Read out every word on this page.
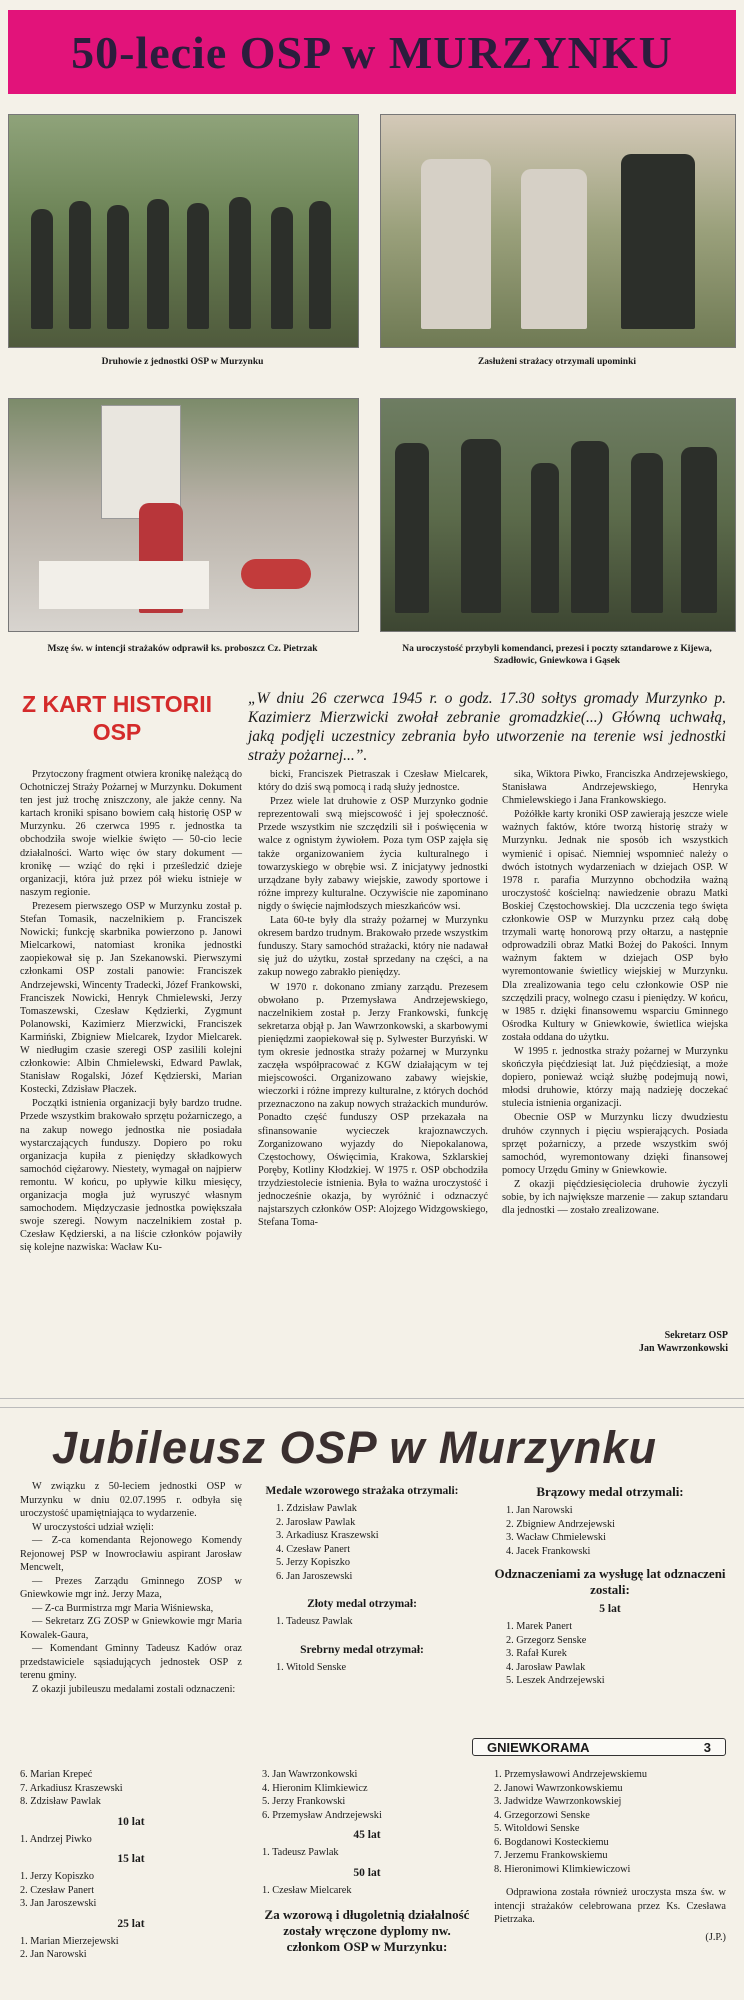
50-lecie OSP w MURZYNKU
Druhowie z jednostki OSP w Murzynku	Zasłużeni strażacy otrzymali upominki
Mszę św. w intencji strażaków odprawił ks. proboszcz Cz. Pietrzak	Na uroczystość przybyli komendanci, prezesi i poczty sztandarowe z Kijewa, Szadłowic, Gniewkowa i Gąsek
Z KART HISTORII OSP
„W dniu 26 czerwca 1945 r. o godz. 17.30 sołtys gromady Murzynko p. Kazimierz Mierzwicki zwołał zebranie gromadzkie(...) Główną uchwałą, jaką podjęli uczestnicy zebrania było utworzenie na terenie wsi jednostki straży pożarnej...”.

Przytoczony fragment otwiera kronikę należącą do Ochotniczej Straży Pożarnej w Murzynku. Dokument ten jest już trochę zniszczony, ale jakże cenny. Na kartach kroniki spisano bowiem całą historię OSP w Murzynku. 26 czerwca 1995 r. jednostka ta obchodziła swoje wielkie święto — 50-cio lecie działalności. Warto więc ów stary dokument — kronikę — wziąć do ręki i prześledzić dzieje organizacji, która już przez pół wieku istnieje w naszym regionie.

Prezesem pierwszego OSP w Murzynku został p. Stefan Tomasik, naczelnikiem p. Franciszek Nowicki; funkcję skarbnika powierzono p. Janowi Mielcarkowi, natomiast kronika jednostki zaopiekował się p. Jan Szekanowski. Pierwszymi członkami OSP zostali panowie: Franciszek Andrzejewski, Wincenty Tradecki, Józef Frankowski, Franciszek Nowicki, Henryk Chmielewski, Jerzy Tomaszewski, Czesław Kędzierki, Zygmunt Polanowski, Kazimierz Mierzwicki, Franciszek Karmiński, Zbigniew Mielcarek, Izydor Mielcarek. W niedługim czasie szeregi OSP zasilili kolejni członkowie: Albin Chmielewski, Edward Pawlak, Stanisław Rogalski, Józef Kędzierski, Marian Kostecki, Zdzisław Płaczek.

Początki istnienia organizacji były bardzo trudne. Przede wszystkim brakowało sprzętu pożarniczego, a na zakup nowego jednostka nie posiadała wystarczających funduszy. Dopiero po roku organizacja kupiła z pieniędzy składkowych samochód ciężarowy. Niestety, wymagał on najpierw remontu. W końcu, po upływie kilku miesięcy, organizacja mogła już wyruszyć własnym samochodem. Międzyczasie jednostka powiększała swoje szeregi. Nowym naczelnikiem został p. Czesław Kędzierski, a na liście członków pojawiły się kolejne nazwiska: Wacław Ku-

bicki, Franciszek Pietraszak i Czesław Mielcarek, który do dziś swą pomocą i radą służy jednostce.

Przez wiele lat druhowie z OSP Murzynko godnie reprezentowali swą miejscowość i jej społeczność. Przede wszystkim nie szczędzili sił i poświęcenia w walce z ognistym żywiołem. Poza tym OSP zajęła się także organizowaniem życia kulturalnego i towarzyskiego w obrębie wsi. Z inicjatywy jednostki urządzane były zabawy wiejskie, zawody sportowe i różne imprezy kulturalne. Oczywiście nie zapominano nigdy o święcie najmłodszych mieszkańców wsi.

Lata 60-te były dla straży pożarnej w Murzynku okresem bardzo trudnym. Brakowało przede wszystkim funduszy. Stary samochód strażacki, który nie nadawał się już do użytku, został sprzedany na części, a na zakup nowego zabrakło pieniędzy.

W 1970 r. dokonano zmiany zarządu. Prezesem obwołano p. Przemysława Andrzejewskiego, naczelnikiem został p. Jerzy Frankowski, funkcję sekretarza objął p. Jan Wawrzonkowski, a skarbowymi pieniędzmi zaopiekował się p. Sylwester Burzyński. W tym okresie jednostka straży pożarnej w Murzynku zaczęła współpracować z KGW działającym w tej miejscowości. Organizowano zabawy wiejskie, wieczorki i różne imprezy kulturalne, z których dochód przeznaczono na zakup nowych strażackich mundurów. Ponadto część funduszy OSP przekazała na sfinansowanie wycieczek krajoznawczych. Zorganizowano wyjazdy do Niepokalanowa, Częstochowy, Oświęcimia, Krakowa, Szklarskiej Poręby, Kotliny Kłodzkiej. W 1975 r. OSP obchodziła trzydziestolecie istnienia. Była to ważna uroczystość i jednocześnie okazja, by wyróżnić i odznaczyć najstarszych członków OSP: Alojzego Widzgowskiego, Stefana Toma-

sika, Wiktora Piwko, Franciszka Andrzejewskiego, Stanisława Andrzejewskiego, Henryka Chmielewskiego i Jana Frankowskiego.

Pożółkłe karty kroniki OSP zawierają jeszcze wiele ważnych faktów, które tworzą historię straży w Murzynku. Jednak nie sposób ich wszystkich wymienić i opisać. Niemniej wspomnieć należy o dwóch istotnych wydarzeniach w dziejach OSP. W 1978 r. parafia Murzynno obchodziła ważną uroczystość kościelną: nawiedzenie obrazu Matki Boskiej Częstochowskiej. Dla uczczenia tego święta członkowie OSP w Murzynku przez całą dobę trzymali wartę honorową przy ołtarzu, a następnie odprowadzili obraz Matki Bożej do Pakości. Innym ważnym faktem w dziejach OSP było wyremontowanie świetlicy wiejskiej w Murzynku. Dla zrealizowania tego celu członkowie OSP nie szczędzili pracy, wolnego czasu i pieniędzy. W końcu, w 1985 r. dzięki finansowemu wsparciu Gminnego Ośrodka Kultury w Gniewkowie, świetlica wiejska została oddana do użytku.

W 1995 r. jednostka straży pożarnej w Murzynku skończyła pięćdziesiąt lat. Już pięćdziesiąt, a może dopiero, ponieważ wciąż służbę podejmują nowi, młodsi druhowie, którzy mają nadzieję doczekać stulecia istnienia organizacji.

Obecnie OSP w Murzynku liczy dwudziestu druhów czynnych i pięciu wspierających. Posiada sprzęt pożarniczy, a przede wszystkim swój samochód, wyremontowany dzięki finansowej pomocy Urzędu Gminy w Gniewkowie.

Z okazji pięćdziesięciolecia druhowie życzyli sobie, by ich największe marzenie — zakup sztandaru dla jednostki — zostało zrealizowane.

Sekretarz OSP
Jan Wawrzonkowski
Jubileusz OSP w Murzynku

W związku z 50-leciem jednostki OSP w Murzynku w dniu 02.07.1995 r. odbyła się uroczystość upamiętniająca to wydarzenie.

W uroczystości udział wzięli:

— Z-ca komendanta Rejonowego Komendy Rejonowej PSP w Inowrocławiu aspirant Jarosław Mencwelt,

— Prezes Zarządu Gminnego ZOSP w Gniewkowie mgr inż. Jerzy Maza,

— Z-ca Burmistrza mgr Maria Wiśniewska,

— Sekretarz ZG ZOSP w Gniewkowie mgr Maria Kowalek-Gaura,

— Komendant Gminny Tadeusz Kadów oraz przedstawiciele sąsiadujących jednostek OSP z terenu gminy.

Z okazji jubileuszu medalami zostali odznaczeni:

Medale wzorowego strażaka otrzymali:
1. Zdzisław Pawlak
2. Jarosław Pawlak
3. Arkadiusz Kraszewski
4. Czesław Panert
5. Jerzy Kopiszko
6. Jan Jaroszewski
Złoty medal otrzymał:
1. Tadeusz Pawlak
Srebrny medal otrzymał:
1. Witold Senske
Brązowy medal otrzymali:
1. Jan Narowski
2. Zbigniew Andrzejewski
3. Wacław Chmielewski
4. Jacek Frankowski
Odznaczeniami za wysługę lat odznaczeni zostali:
5 lat
1. Marek Panert
2. Grzegorz Senske
3. Rafał Kurek
4. Jarosław Pawlak
5. Leszek Andrzejewski
GNIEWKORAMA	3
6. Marian Krepeć
7. Arkadiusz Kraszewski
8. Zdzisław Pawlak
10 lat
1. Andrzej Piwko
15 lat
1. Jerzy Kopiszko
2. Czesław Panert
3. Jan Jaroszewski
25 lat
1. Marian Mierzejewski
2. Jan Narowski
3. Jan Wawrzonkowski
4. Hieronim Klimkiewicz
5. Jerzy Frankowski
6. Przemysław Andrzejewski
45 lat
1. Tadeusz Pawlak
50 lat
1. Czesław Mielcarek
Za wzorową i długoletnią działalność zostały wręczone dyplomy nw. członkom OSP w Murzynku:
1. Przemysławowi Andrzejewskiemu
2. Janowi Wawrzonkowskiemu
3. Jadwidze Wawrzonkowskiej
4. Grzegorzowi Senske
5. Witoldowi Senske
6. Bogdanowi Kosteckiemu
7. Jerzemu Frankowskiemu
8. Hieronimowi Klimkiewiczowi

Odprawiona została również uroczysta msza św. w intencji strażaków celebrowana przez Ks. Czesława Pietrzaka.

(J.P.)
